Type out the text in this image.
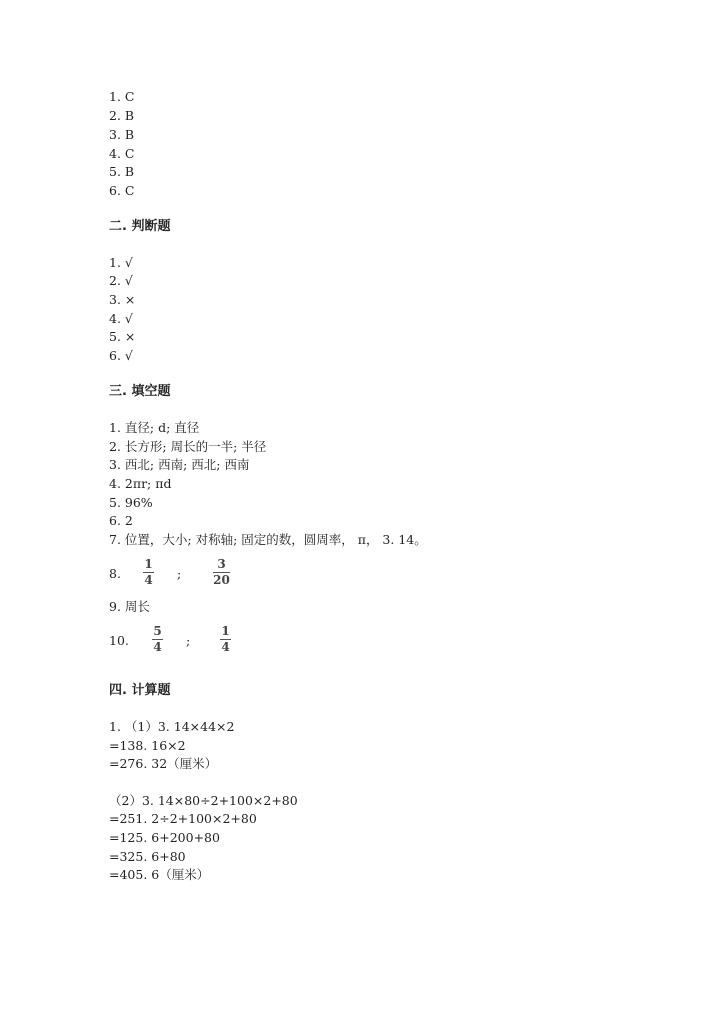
1. C
2. B
3. B
4. C
5. B
6. C
二. 判断题
1. √
2. √
3. ×
4. √
5. ×
6. √
三. 填空题
1. 直径; d; 直径
2. 长方形; 周长的一半; 半径
3. 西北; 西南; 西北; 西南
4. 2πr; πd
5. 96%
6. 2
7. 位置，大小; 对称轴; 固定的数，圆周率， π， 3. 14。
8.
1
4 ;
3
20
9. 周长
10.
5
4 ;
1
4
四. 计算题
1. （1）3. 14×44×2
=138. 16×2
=276. 32（厘米）
（2）3. 14×80÷2+100×2+80
=251. 2÷2+100×2+80
=125. 6+200+80
=325. 6+80
=405. 6（厘米）
